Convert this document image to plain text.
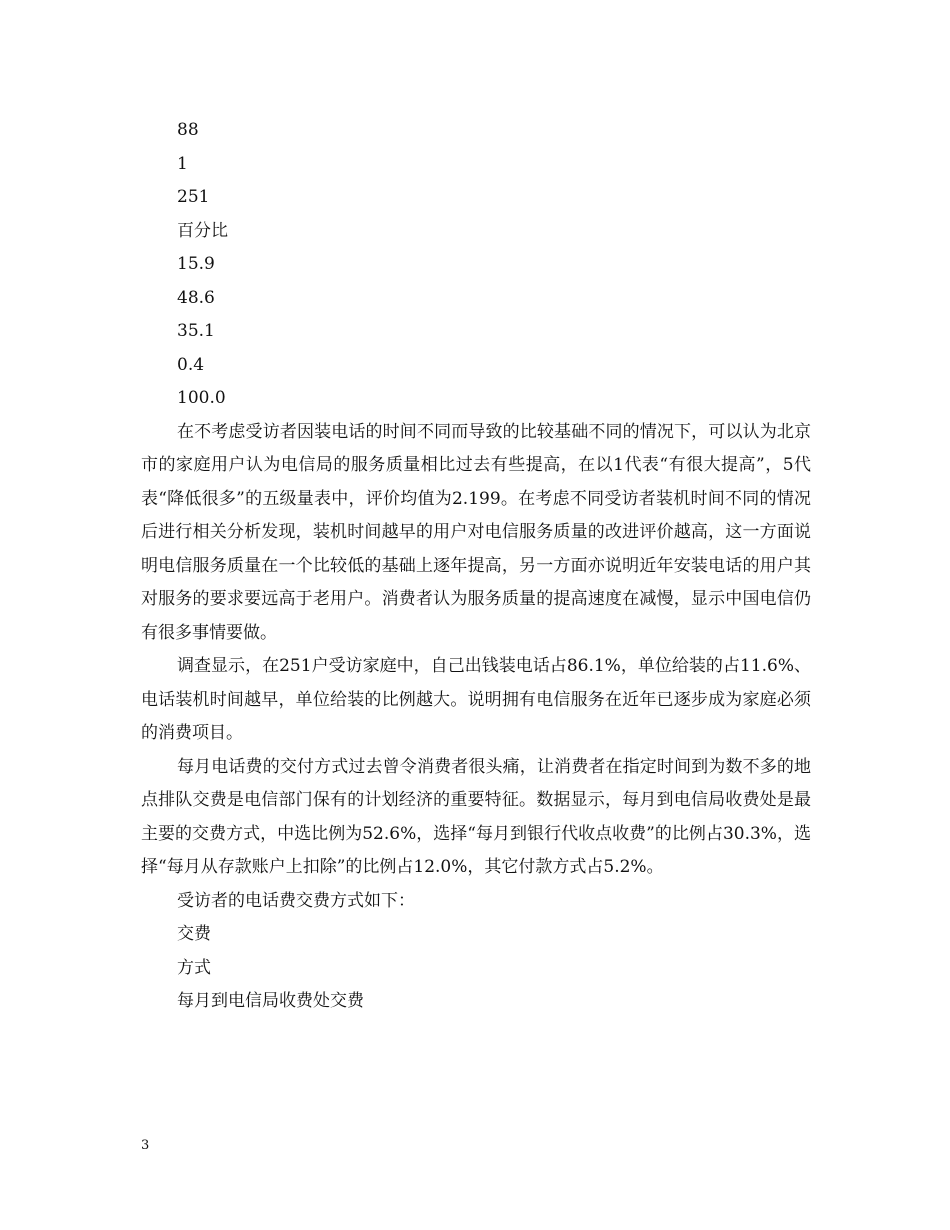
88

1

251

百分比

15.9

48.6

35.1

0.4

100.0

在不考虑受访者因装电话的时间不同而导致的比较基础不同的情况下，可以认为北京市的家庭用户认为电信局的服务质量相比过去有些提高，在以1代表“有很大提高”，5代表“降低很多”的五级量表中，评价均值为2.199。在考虑不同受访者装机时间不同的情况后进行相关分析发现，装机时间越早的用户对电信服务质量的改进评价越高，这一方面说明电信服务质量在一个比较低的基础上逐年提高，另一方面亦说明近年安装电话的用户其对服务的要求要远高于老用户。消费者认为服务质量的提高速度在减慢，显示中国电信仍有很多事情要做。

调查显示，在251户受访家庭中，自己出钱装电话占86.1%，单位给装的占11.6%、电话装机时间越早，单位给装的比例越大。说明拥有电信服务在近年已逐步成为家庭必须的消费项目。

每月电话费的交付方式过去曾令消费者很头痛，让消费者在指定时间到为数不多的地点排队交费是电信部门保有的计划经济的重要特征。数据显示，每月到电信局收费处是最主要的交费方式，中选比例为52.6%，选择“每月到银行代收点收费”的比例占30.3%，选择“每月从存款账户上扣除”的比例占12.0%，其它付款方式占5.2%。

受访者的电话费交费方式如下：

交费

方式

每月到电信局收费处交费

3
